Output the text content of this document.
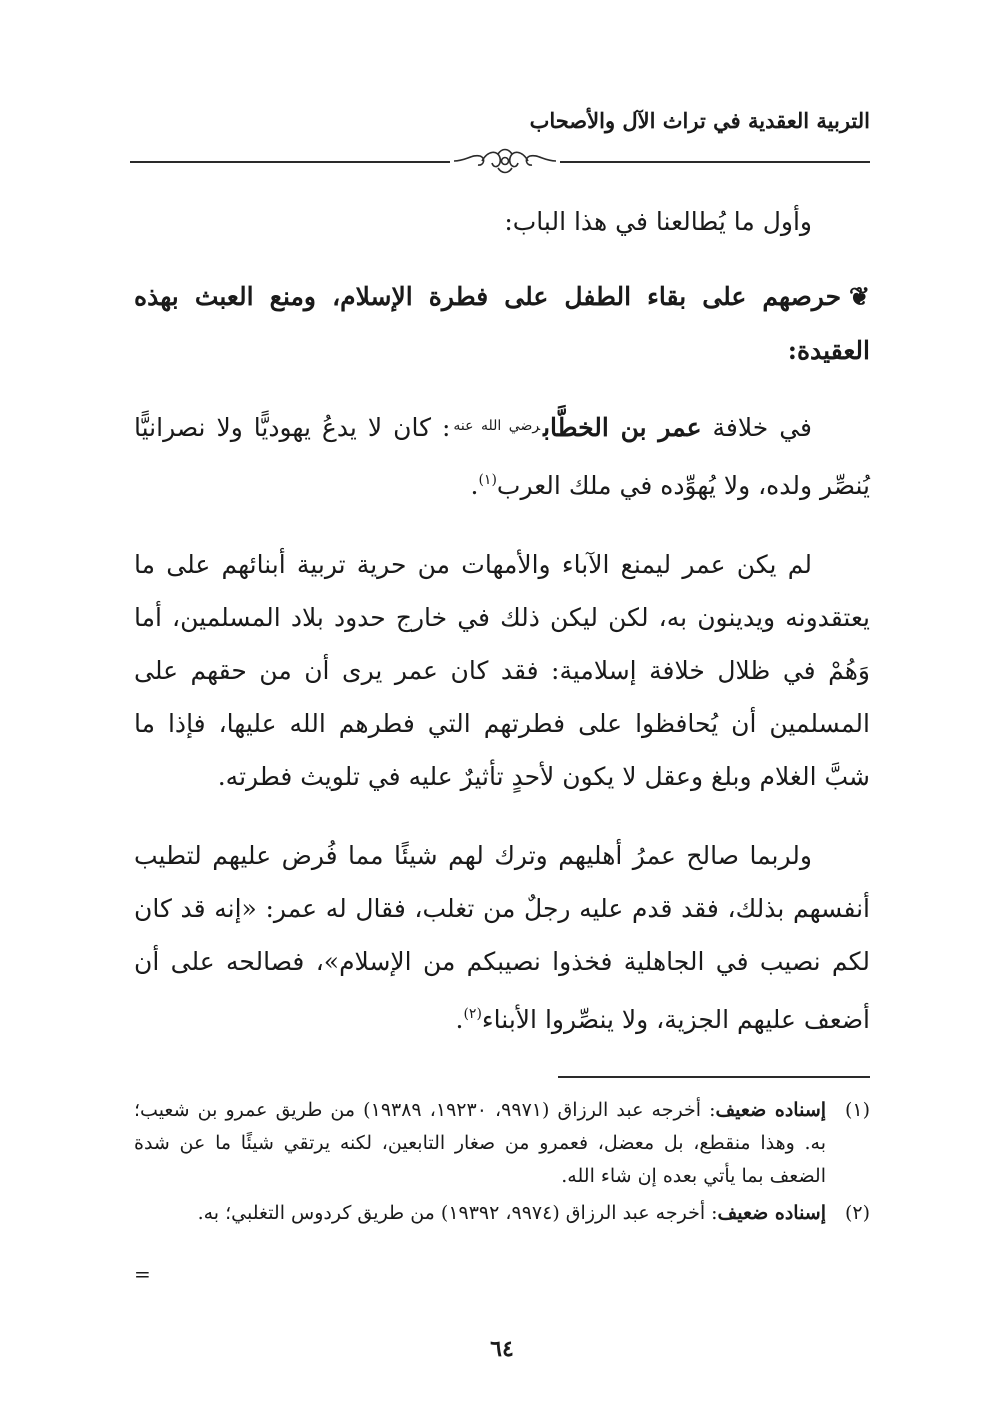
التربية العقدية في تراث الآل والأصحاب

وأول ما يُطالعنا في هذا الباب:

❦حرصهم على بقاء الطفل على فطرة الإسلام، ومنع العبث بهذه العقيدة:

في خلافة عمر بن الخطَّاب$^{رضي الله عنه}$: كان لا يدعُ يهوديًّا ولا نصرانيًّا يُنصِّر ولده، ولا يُهوِّده في ملك العرب$^{(١)}$.

لم يكن عمر ليمنع الآباء والأمهات من حرية تربية أبنائهم على ما يعتقدونه ويدينون به، لكن ليكن ذلك في خارج حدود بلاد المسلمين، أما وَهُمْ في ظلال خلافة إسلامية: فقد كان عمر يرى أن من حقهم على المسلمين أن يُحافظوا على فطرتهم التي فطرهم الله عليها، فإذا ما شبَّ الغلام وبلغ وعقل لا يكون لأحدٍ تأثيرٌ عليه في تلويث فطرته.

ولربما صالح عمرُ أهليهم وترك لهم شيئًا مما فُرض عليهم لتطيب أنفسهم بذلك، فقد قدم عليه رجلٌ من تغلب، فقال له عمر: «إنه قد كان لكم نصيب في الجاهلية فخذوا نصيبكم من الإسلام»، فصالحه على أن أضعف عليهم الجزية، ولا ينصِّروا الأبناء$^{(٢)}$.

(١)
إسناده ضعيف: أخرجه عبد الرزاق (٩٩٧١، ١٩٢٣٠، ١٩٣٨٩) من طريق عمرو بن شعيب؛ به. وهذا منقطع، بل معضل، فعمرو من صغار التابعين، لكنه يرتقي شيئًا ما عن شدة الضعف بما يأتي بعده إن شاء الله.

(٢)
إسناده ضعيف: أخرجه عبد الرزاق (٩٩٧٤، ١٩٣٩٢) من طريق كردوس التغلبي؛ به.

=
٦٤
